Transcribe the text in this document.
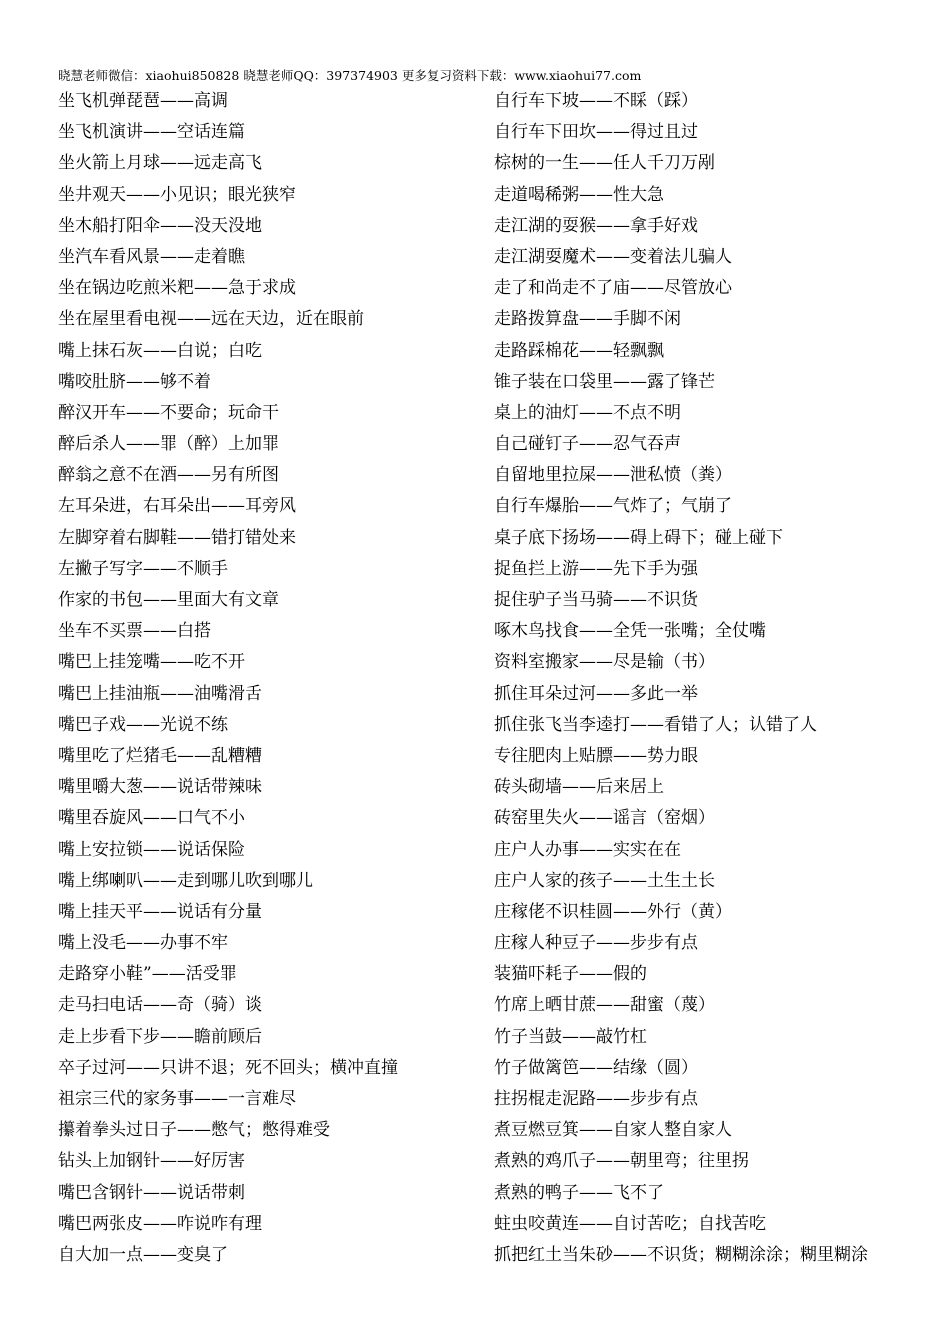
晓慧老师微信：xiaohui850828 晓慧老师QQ：397374903 更多复习资料下载：www.xiaohui77.com
坐飞机弹琵琶——高调
坐飞机演讲——空话连篇
坐火箭上月球——远走高飞
坐井观天——小见识；眼光狭窄
坐木船打阳伞——没天没地
坐汽车看风景——走着瞧
坐在锅边吃煎米粑——急于求成
坐在屋里看电视——远在天边，近在眼前
嘴上抹石灰——白说；白吃
嘴咬肚脐——够不着
醉汉开车——不要命；玩命干
醉后杀人——罪（醉）上加罪
醉翁之意不在酒——另有所图
左耳朵进，右耳朵出——耳旁风
左脚穿着右脚鞋——错打错处来
左撇子写字——不顺手
作家的书包——里面大有文章
坐车不买票——白搭
嘴巴上挂笼嘴——吃不开
嘴巴上挂油瓶——油嘴滑舌
嘴巴子戏——光说不练
嘴里吃了烂猪毛——乱糟糟
嘴里嚼大葱——说话带辣味
嘴里吞旋风——口气不小
嘴上安拉锁——说话保险
嘴上绑喇叭——走到哪儿吹到哪儿
嘴上挂天平——说话有分量
嘴上没毛——办事不牢
走路穿小鞋”——活受罪
走马扫电话——奇（骑）谈
走上步看下步——瞻前顾后
卒子过河——只讲不退；死不回头；横冲直撞
祖宗三代的家务事——一言难尽
攥着拳头过日子——憋气；憋得难受
钻头上加钢针——好厉害
嘴巴含钢针——说话带刺
嘴巴两张皮——咋说咋有理
自大加一点——变臭了
自行车下坡——不睬（踩）
自行车下田坎——得过且过
棕树的一生——任人千刀万剐
走道喝稀粥——性大急
走江湖的耍猴——拿手好戏
走江湖耍魔术——变着法儿骗人
走了和尚走不了庙——尽管放心
走路拨算盘——手脚不闲
走路踩棉花——轻飘飘
锥子装在口袋里——露了锋芒
桌上的油灯——不点不明
自己碰钉子——忍气吞声
自留地里拉屎——泄私愤（粪）
自行车爆胎——气炸了；气崩了
桌子底下扬场——碍上碍下；碰上碰下
捉鱼拦上游——先下手为强
捉住驴子当马骑——不识货
啄木鸟找食——全凭一张嘴；全仗嘴
资料室搬家——尽是输（书）
抓住耳朵过河——多此一举
抓住张飞当李逵打——看错了人；认错了人
专往肥肉上贴膘——势力眼
砖头砌墙——后来居上
砖窑里失火——谣言（窑烟）
庄户人办事——实实在在
庄户人家的孩子——土生土长
庄稼佬不识桂圆——外行（黄）
庄稼人种豆子——步步有点
装猫吓耗子——假的
竹席上晒甘蔗——甜蜜（蔑）
竹子当鼓——敲竹杠
竹子做篱笆——结缘（圆）
拄拐棍走泥路——步步有点
煮豆燃豆箕——自家人整自家人
煮熟的鸡爪子——朝里弯；往里拐
煮熟的鸭子——飞不了
蛀虫咬黄连——自讨苦吃；自找苦吃
抓把红土当朱砂——不识货；糊糊涂涂；糊里糊涂
